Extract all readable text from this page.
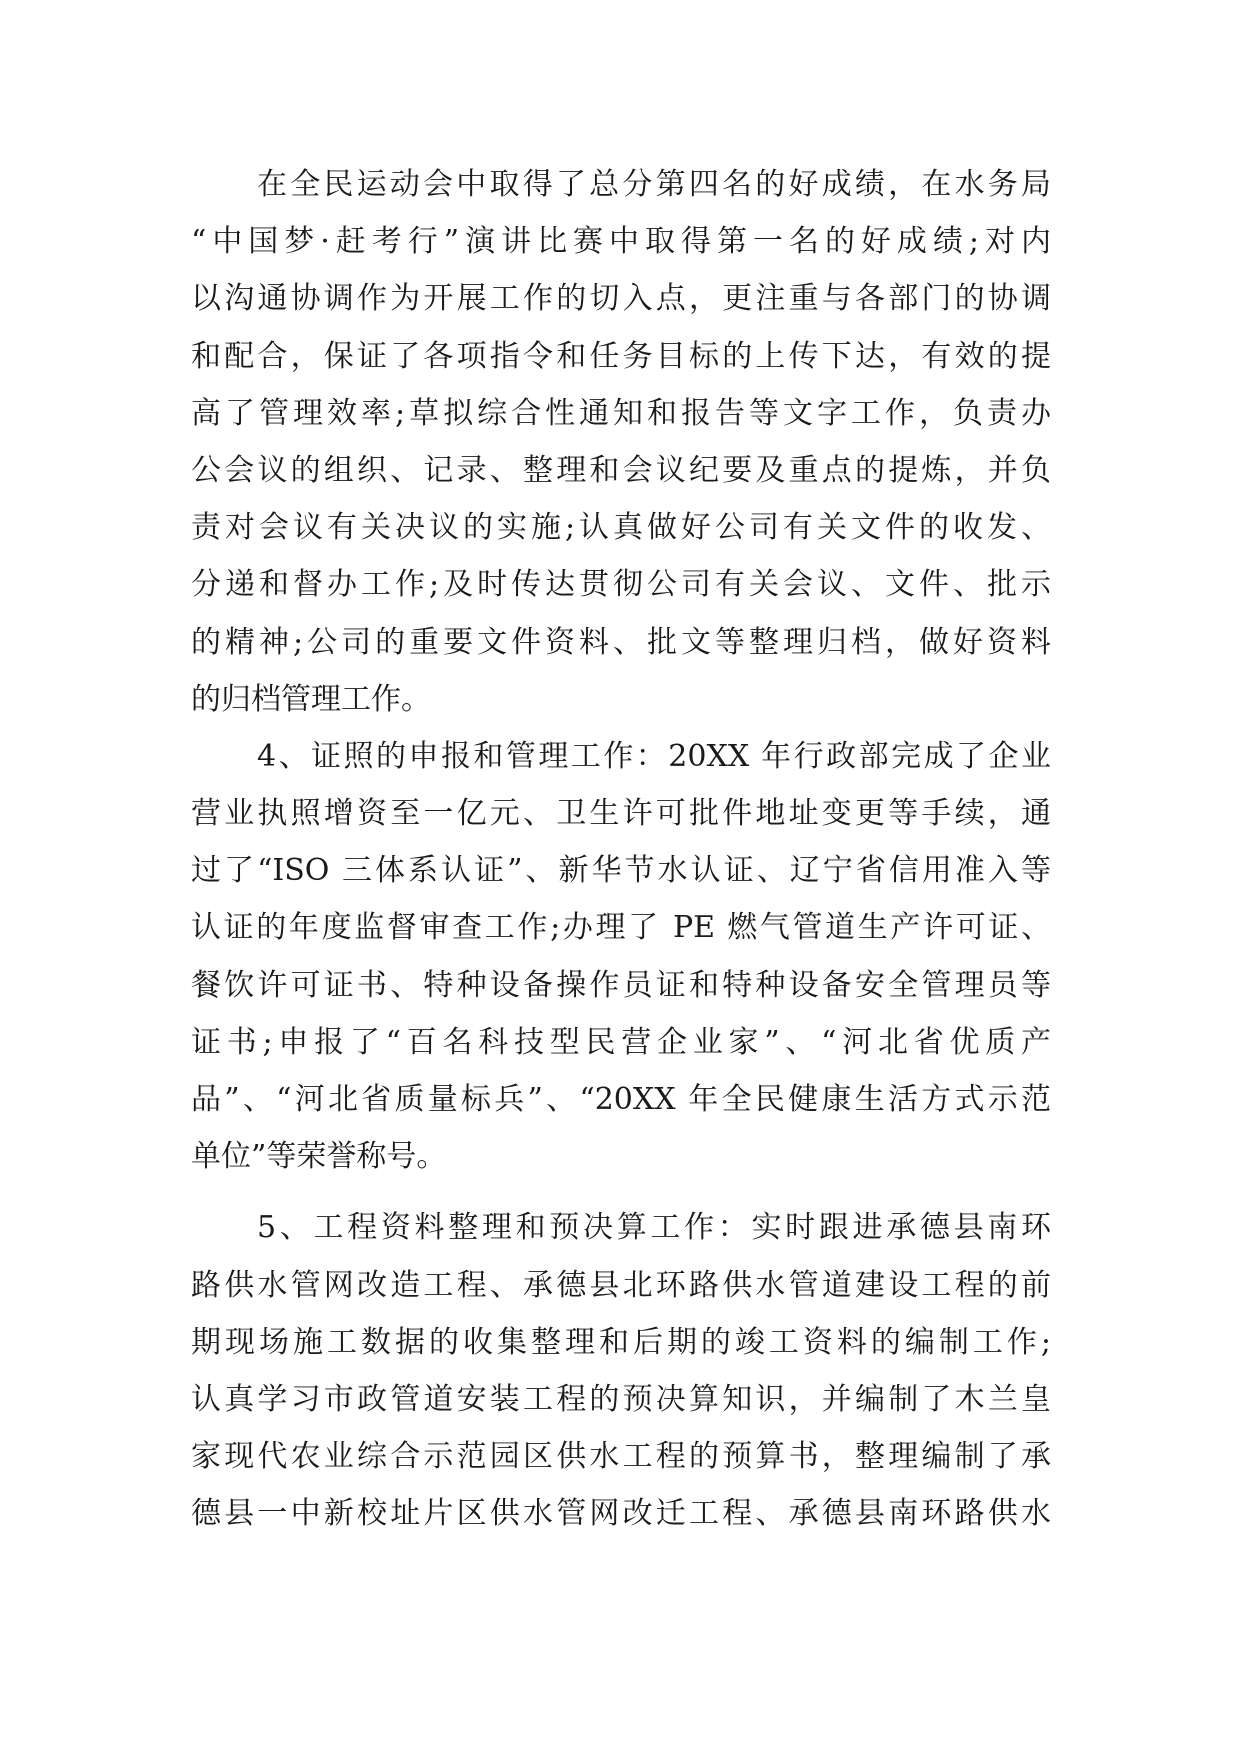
在全民运动会中取得了总分第四名的好成绩，在水务局
“中国梦·赶考行”演讲比赛中取得第一名的好成绩;对内
以沟通协调作为开展工作的切入点，更注重与各部门的协调
和配合，保证了各项指令和任务目标的上传下达，有效的提
高了管理效率;草拟综合性通知和报告等文字工作，负责办
公会议的组织、记录、整理和会议纪要及重点的提炼，并负
责对会议有关决议的实施;认真做好公司有关文件的收发、
分递和督办工作;及时传达贯彻公司有关会议、文件、批示
的精神;公司的重要文件资料、批文等整理归档，做好资料
的归档管理工作。
4、证照的申报和管理工作：20XX 年行政部完成了企业
营业执照增资至一亿元、卫生许可批件地址变更等手续，通
过了“ISO 三体系认证”、新华节水认证、辽宁省信用准入等
认证的年度监督审查工作;办理了 PE 燃气管道生产许可证、
餐饮许可证书、特种设备操作员证和特种设备安全管理员等
证书;申报了“百名科技型民营企业家”、“河北省优质产
品”、“河北省质量标兵”、“20XX 年全民健康生活方式示范
单位”等荣誉称号。
5、工程资料整理和预决算工作：实时跟进承德县南环
路供水管网改造工程、承德县北环路供水管道建设工程的前
期现场施工数据的收集整理和后期的竣工资料的编制工作;
认真学习市政管道安装工程的预决算知识，并编制了木兰皇
家现代农业综合示范园区供水工程的预算书，整理编制了承
德县一中新校址片区供水管网改迁工程、承德县南环路供水
